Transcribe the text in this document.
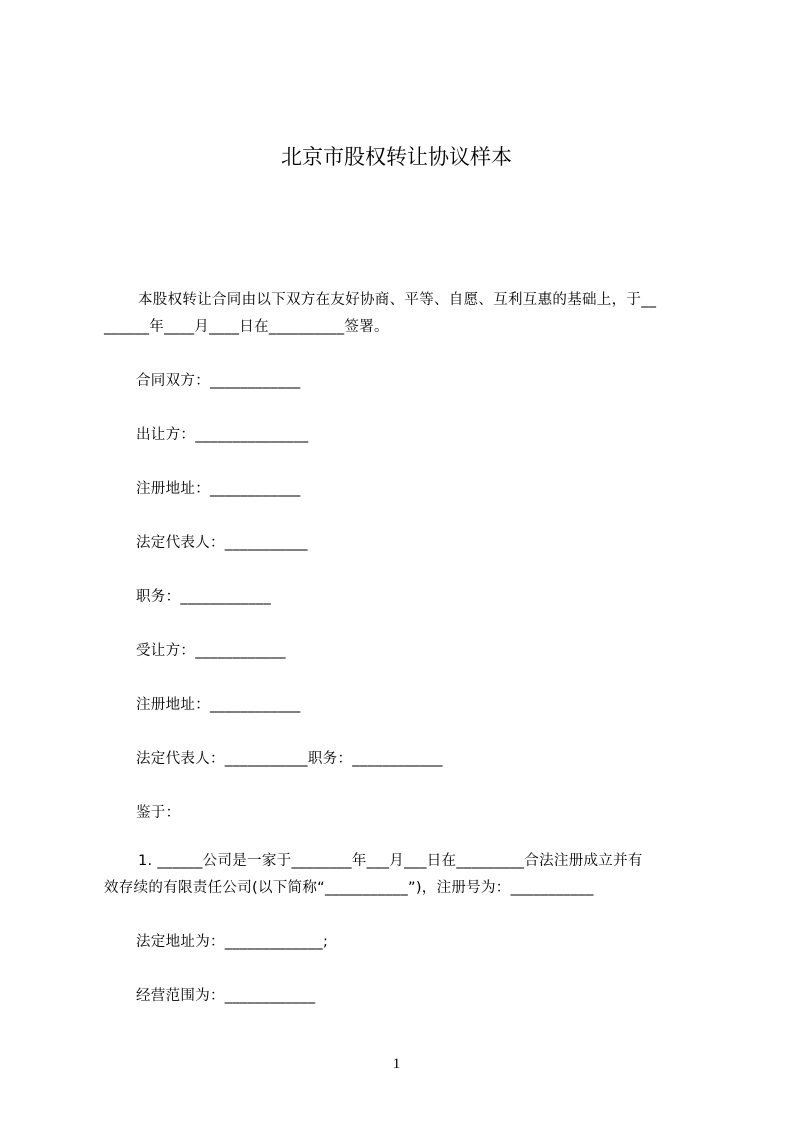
北京市股权转让协议样本
本股权转让合同由以下双方在友好协商、平等、自愿、互利互惠的基础上，于__
______年____月____日在__________签署。
合同双方：____________
出让方：_______________
注册地址：____________
法定代表人：___________
职务：____________
受让方：____________
注册地址：____________
法定代表人：___________职务：____________
鉴于：
1. ______公司是一家于________年___月___日在_________合法注册成立并有
效存续的有限责任公司(以下简称“___________”)，注册号为：___________
法定地址为：_____________;
经营范围为：____________
1
